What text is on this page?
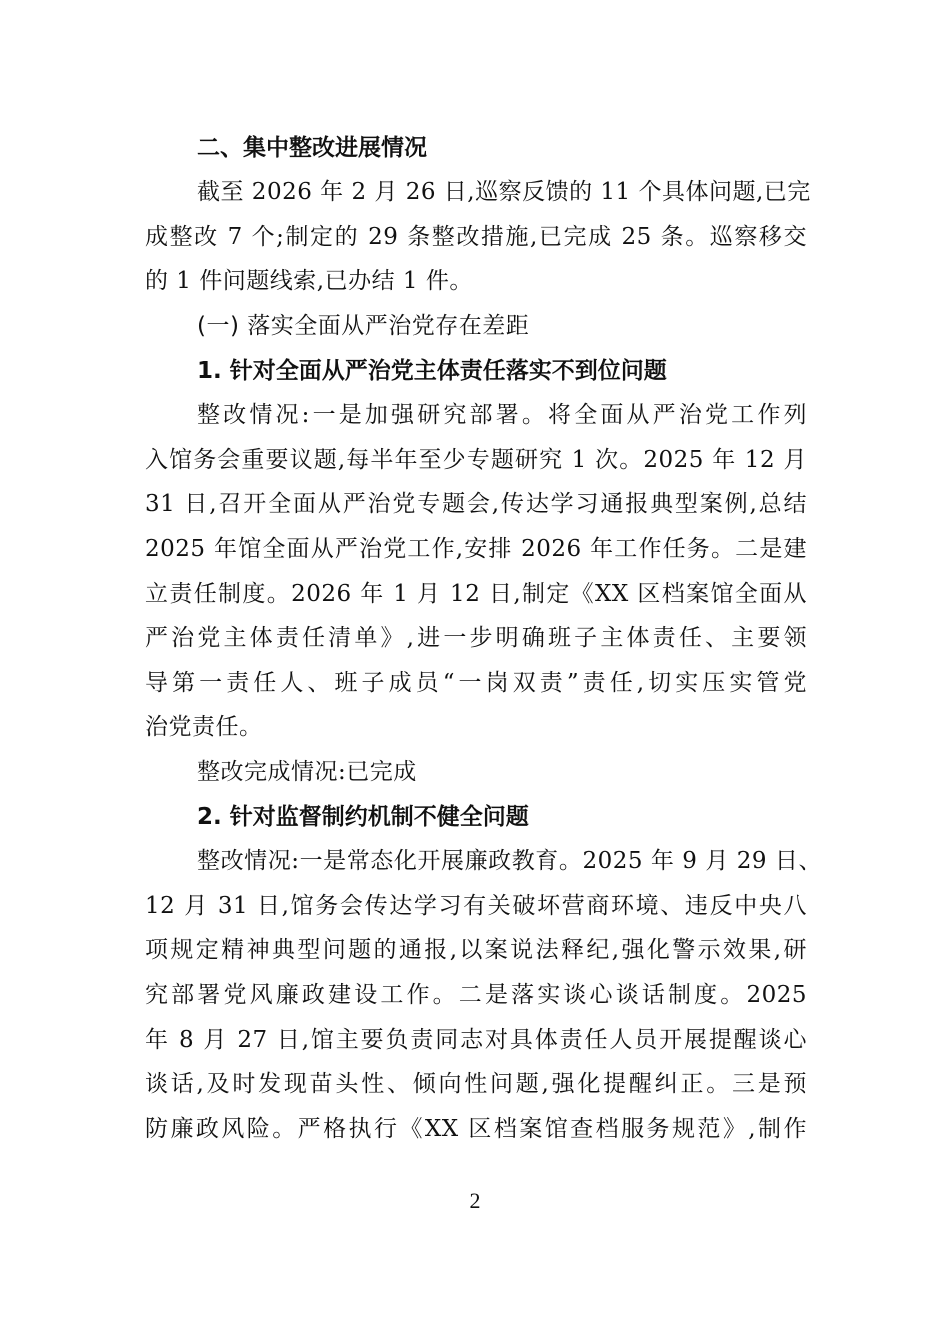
二、集中整改进展情况
截至 2026 年 2 月 26 日,巡察反馈的 11 个具体问题,已完
成整改 7 个;制定的 29 条整改措施,已完成 25 条。巡察移交
的 1 件问题线索,已办结 1 件。
(一) 落实全面从严治党存在差距
1. 针对全面从严治党主体责任落实不到位问题
整改情况:一是加强研究部署。将全面从严治党工作列
入馆务会重要议题,每半年至少专题研究 1 次。2025 年 12 月
31 日,召开全面从严治党专题会,传达学习通报典型案例,总结
2025 年馆全面从严治党工作,安排 2026 年工作任务。二是建
立责任制度。2026 年 1 月 12 日,制定《XX 区档案馆全面从
严治党主体责任清单》,进一步明确班子主体责任、主要领
导第一责任人、班子成员“一岗双责”责任,切实压实管党
治党责任。
整改完成情况:已完成
2. 针对监督制约机制不健全问题
整改情况:一是常态化开展廉政教育。2025 年 9 月 29 日、
12 月 31 日,馆务会传达学习有关破坏营商环境、违反中央八
项规定精神典型问题的通报,以案说法释纪,强化警示效果,研
究部署党风廉政建设工作。二是落实谈心谈话制度。2025
年 8 月 27 日,馆主要负责同志对具体责任人员开展提醒谈心
谈话,及时发现苗头性、倾向性问题,强化提醒纠正。三是预
防廉政风险。严格执行《XX 区档案馆查档服务规范》,制作
2
